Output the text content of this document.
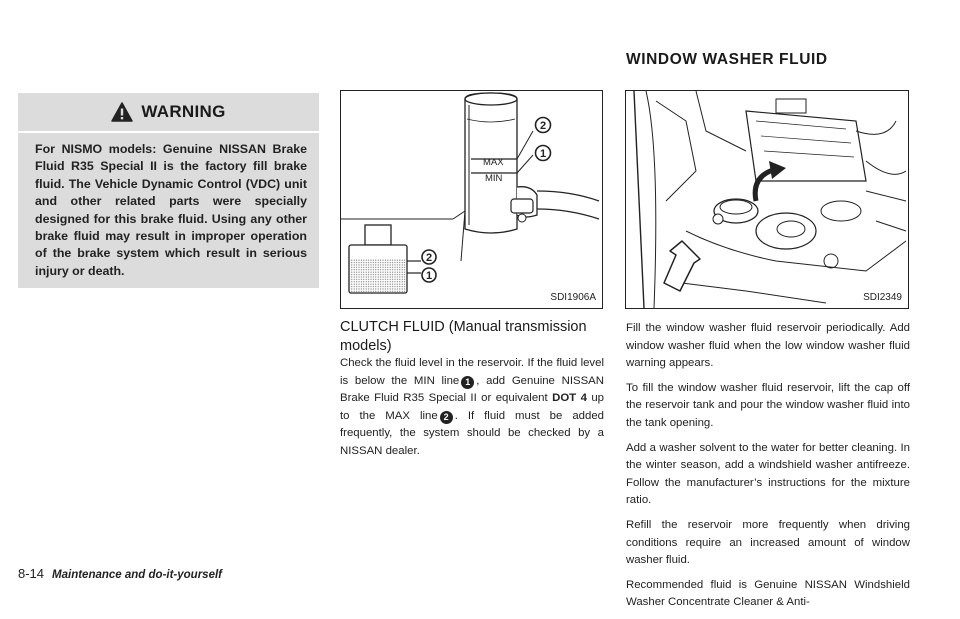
WARNING
For NISMO models: Genuine NISSAN Brake Fluid R35 Special II is the factory fill brake fluid. The Vehicle Dynamic Control (VDC) unit and other related parts were specially designed for this brake fluid. Using any other brake fluid may result in improper operation of the brake system which result in serious injury or death.
MAX
MIN
2
1
2
1
SDI1906A	SDI2349
WINDOW WASHER FLUID
CLUTCH FLUID (Manual transmission models)

Check the fluid level in the reservoir. If the fluid level is below the MIN line 1 , add Genuine NISSAN Brake Fluid R35 Special II or equivalent DOT 4 up to the MAX line 2 . If fluid must be added frequently, the system should be checked by a NISSAN dealer.

Fill the window washer fluid reservoir periodically. Add window washer fluid when the low window washer fluid warning appears.

To fill the window washer fluid reservoir, lift the cap off the reservoir tank and pour the window washer fluid into the tank opening.

Add a washer solvent to the water for better cleaning. In the winter season, add a windshield washer antifreeze. Follow the manufacturer’s instructions for the mixture ratio.

Refill the reservoir more frequently when driving conditions require an increased amount of window washer fluid.

Recommended fluid is Genuine NISSAN Windshield Washer Concentrate Cleaner & Anti-

8-14 Maintenance and do-it-yourself
